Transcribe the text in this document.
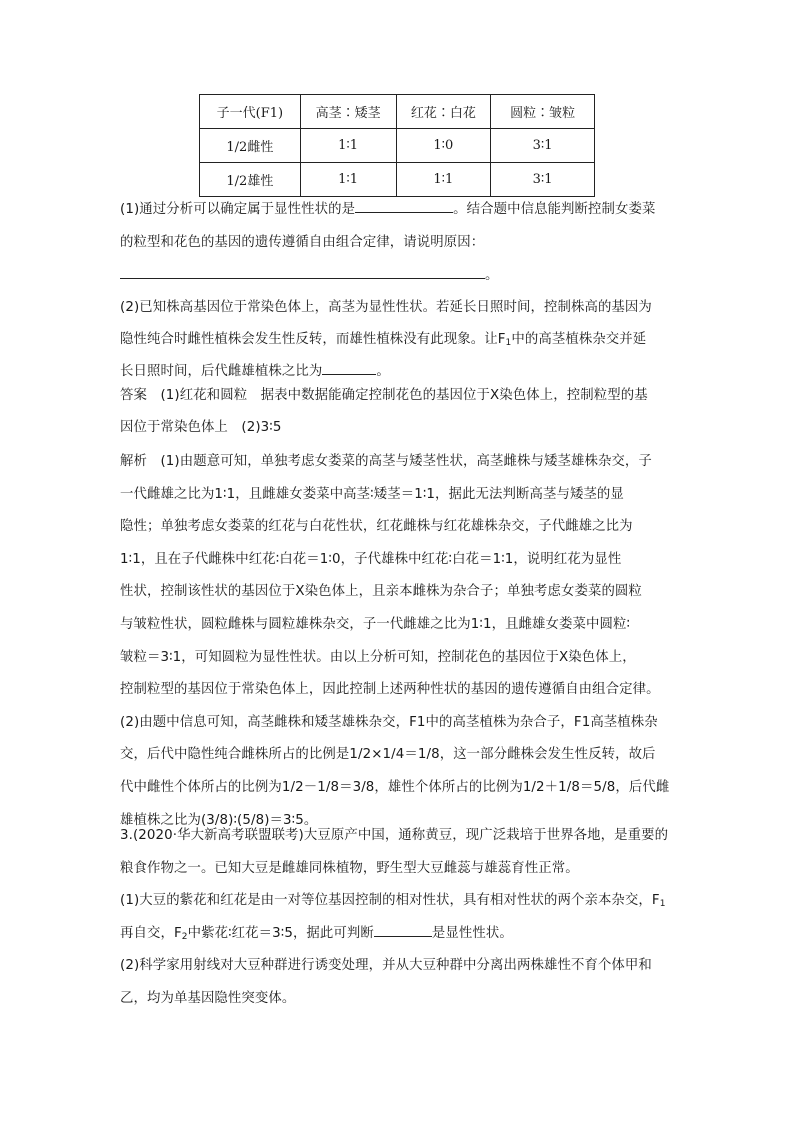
子一代(F1)	高茎∶矮茎	红花∶白花	圆粒∶皱粒
1/2雌性	1∶1	1∶0	3∶1
1/2雄性	1∶1	1∶1	3∶1
(1)通过分析可以确定属于显性性状的是	。结合题中信息能判断控制女娄菜
的粒型和花色的基因的遗传遵循自由组合定律，请说明原因：
。
(2)已知株高基因位于常染色体上，高茎为显性性状。若延长日照时间，控制株高的基因为
隐性纯合时雌性植株会发生性反转，而雄性植株没有此现象。让$F_1$中的高茎植株杂交并延
长日照时间，后代雌雄植株之比为	。
答案　(1)红花和圆粒　据表中数据能确定控制花色的基因位于X染色体上，控制粒型的基
因位于常染色体上　(2)3∶5
解析　(1)由题意可知，单独考虑女娄菜的高茎与矮茎性状，高茎雌株与矮茎雄株杂交，子
一代雌雄之比为1∶1，且雌雄女娄菜中高茎∶矮茎＝1∶1，据此无法判断高茎与矮茎的显
隐性；单独考虑女娄菜的红花与白花性状，红花雌株与红花雄株杂交，子代雌雄之比为
1∶1，且在子代雌株中红花∶白花＝1∶0，子代雄株中红花∶白花＝1∶1，说明红花为显性
性状，控制该性状的基因位于X染色体上，且亲本雌株为杂合子；单独考虑女娄菜的圆粒
与皱粒性状，圆粒雌株与圆粒雄株杂交，子一代雌雄之比为1∶1，且雌雄女娄菜中圆粒∶
皱粒＝3∶1，可知圆粒为显性性状。由以上分析可知，控制花色的基因位于X染色体上，
控制粒型的基因位于常染色体上，因此控制上述两种性状的基因的遗传遵循自由组合定律。
(2)由题中信息可知，高茎雌株和矮茎雄株杂交，F1中的高茎植株为杂合子，F1高茎植株杂
交，后代中隐性纯合雌株所占的比例是1/2×1/4＝1/8，这一部分雌株会发生性反转，故后
代中雌性个体所占的比例为1/2－1/8＝3/8，雄性个体所占的比例为1/2＋1/8＝5/8，后代雌
雄植株之比为(3/8)∶(5/8)＝3∶5。
3.(2020·华大新高考联盟联考)大豆原产中国，通称黄豆，现广泛栽培于世界各地，是重要的
粮食作物之一。已知大豆是雌雄同株植物，野生型大豆雌蕊与雄蕊育性正常。
(1)大豆的紫花和红花是由一对等位基因控制的相对性状，具有相对性状的两个亲本杂交，$F_1$
再自交，$F_2$中紫花∶红花＝3∶5，据此可判断	是显性性状。
(2)科学家用射线对大豆种群进行诱变处理，并从大豆种群中分离出两株雄性不育个体甲和
乙，均为单基因隐性突变体。
